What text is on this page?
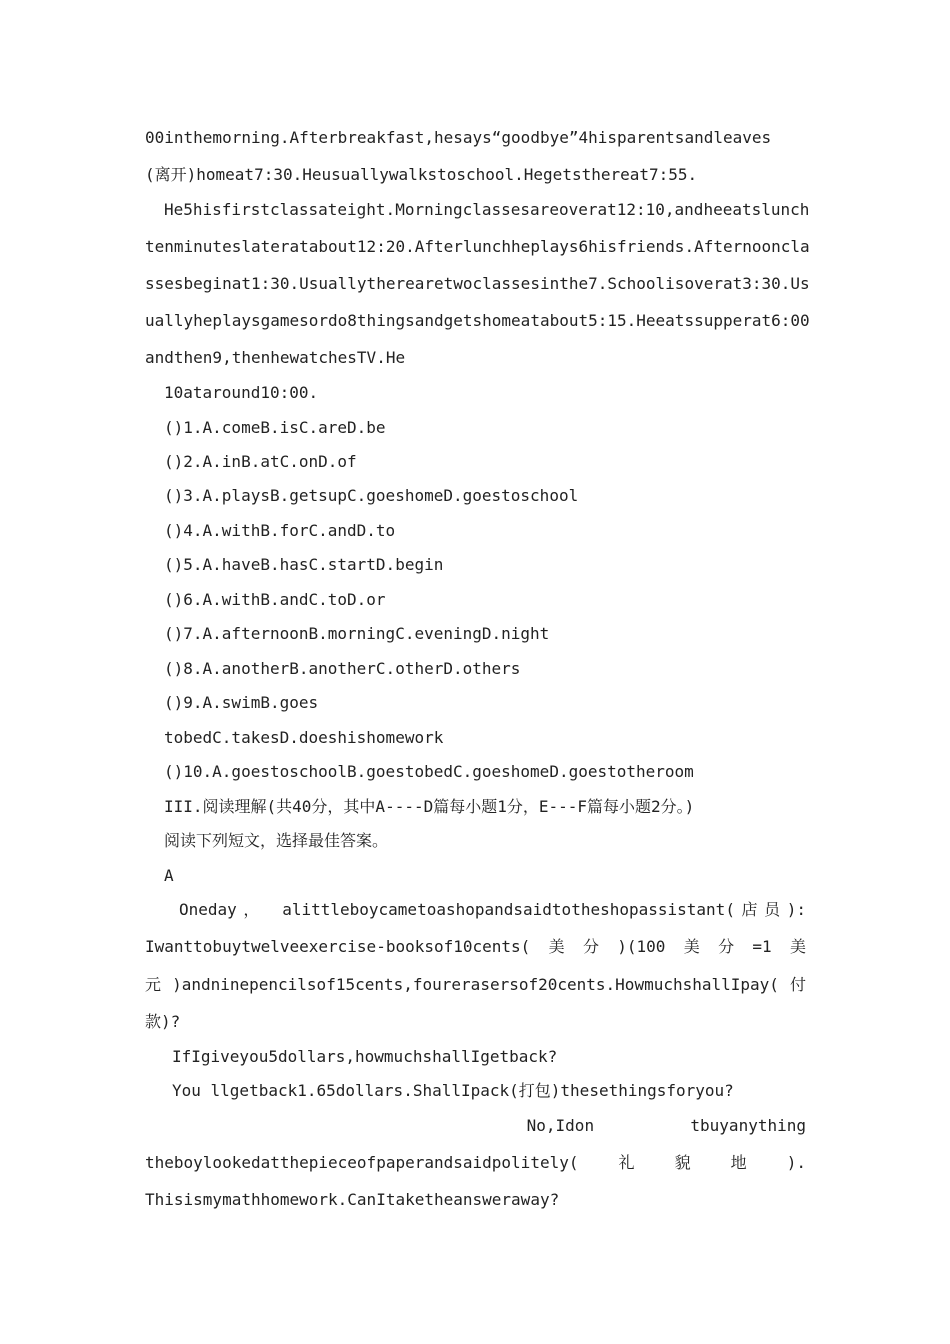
00inthemorning.Afterbreakfast,hesays“goodbye”4hisparentsandleaves
(离开)homeat7:30.Heusuallywalkstoschool.Hegetsthereat7:55.
He5hisfirstclassateight.Morningclassesareoverat12:10,andheeatslunch
tenminuteslateratabout12:20.Afterlunchheplays6hisfriends.Afternooncla
ssesbeginat1:30.Usuallytherearetwoclassesinthe7.Schoolisoverat3:30.Us
uallyheplaysgamesordo8thingsandgetshomeatabout5:15.Heeatssupperat6:00
andthen9,thenhewatchesTV.He
10ataround10:00.
()1.A.comeB.isC.areD.be
()2.A.inB.atC.onD.of
()3.A.playsB.getsupC.goeshomeD.goestoschool
()4.A.withB.forC.andD.to
()5.A.haveB.hasC.startD.begin
()6.A.withB.andC.toD.or
()7.A.afternoonB.morningC.eveningD.night
()8.A.anotherB.anotherC.otherD.others
()9.A.swimB.goes
tobedC.takesD.doeshishomework
()10.A.goestoschoolB.goestobedC.goeshomeD.goestotheroom
III.阅读理解(共40分，其中A----D篇每小题1分，E---F篇每小题2分。)
阅读下列短文，选择最佳答案。
A
Oneday， alittleboycametoashopandsaidtotheshopassistant(店员):
Iwanttobuytwelveexercise-booksof10cents(美分)(100美分=1美
元)andninepencilsof15cents,fourerasersof20cents.HowmuchshallIpay(付
款)?
IfIgiveyou5dollars,howmuchshallIgetback?
You llgetback1.65dollars.ShallIpack(打包)thesethingsforyou?
No,Idon          tbuyanything
theboylookedatthepieceofpaperandsaidpolitely(礼貌地).
Thisismymathhomework.CanItaketheansweraway?
